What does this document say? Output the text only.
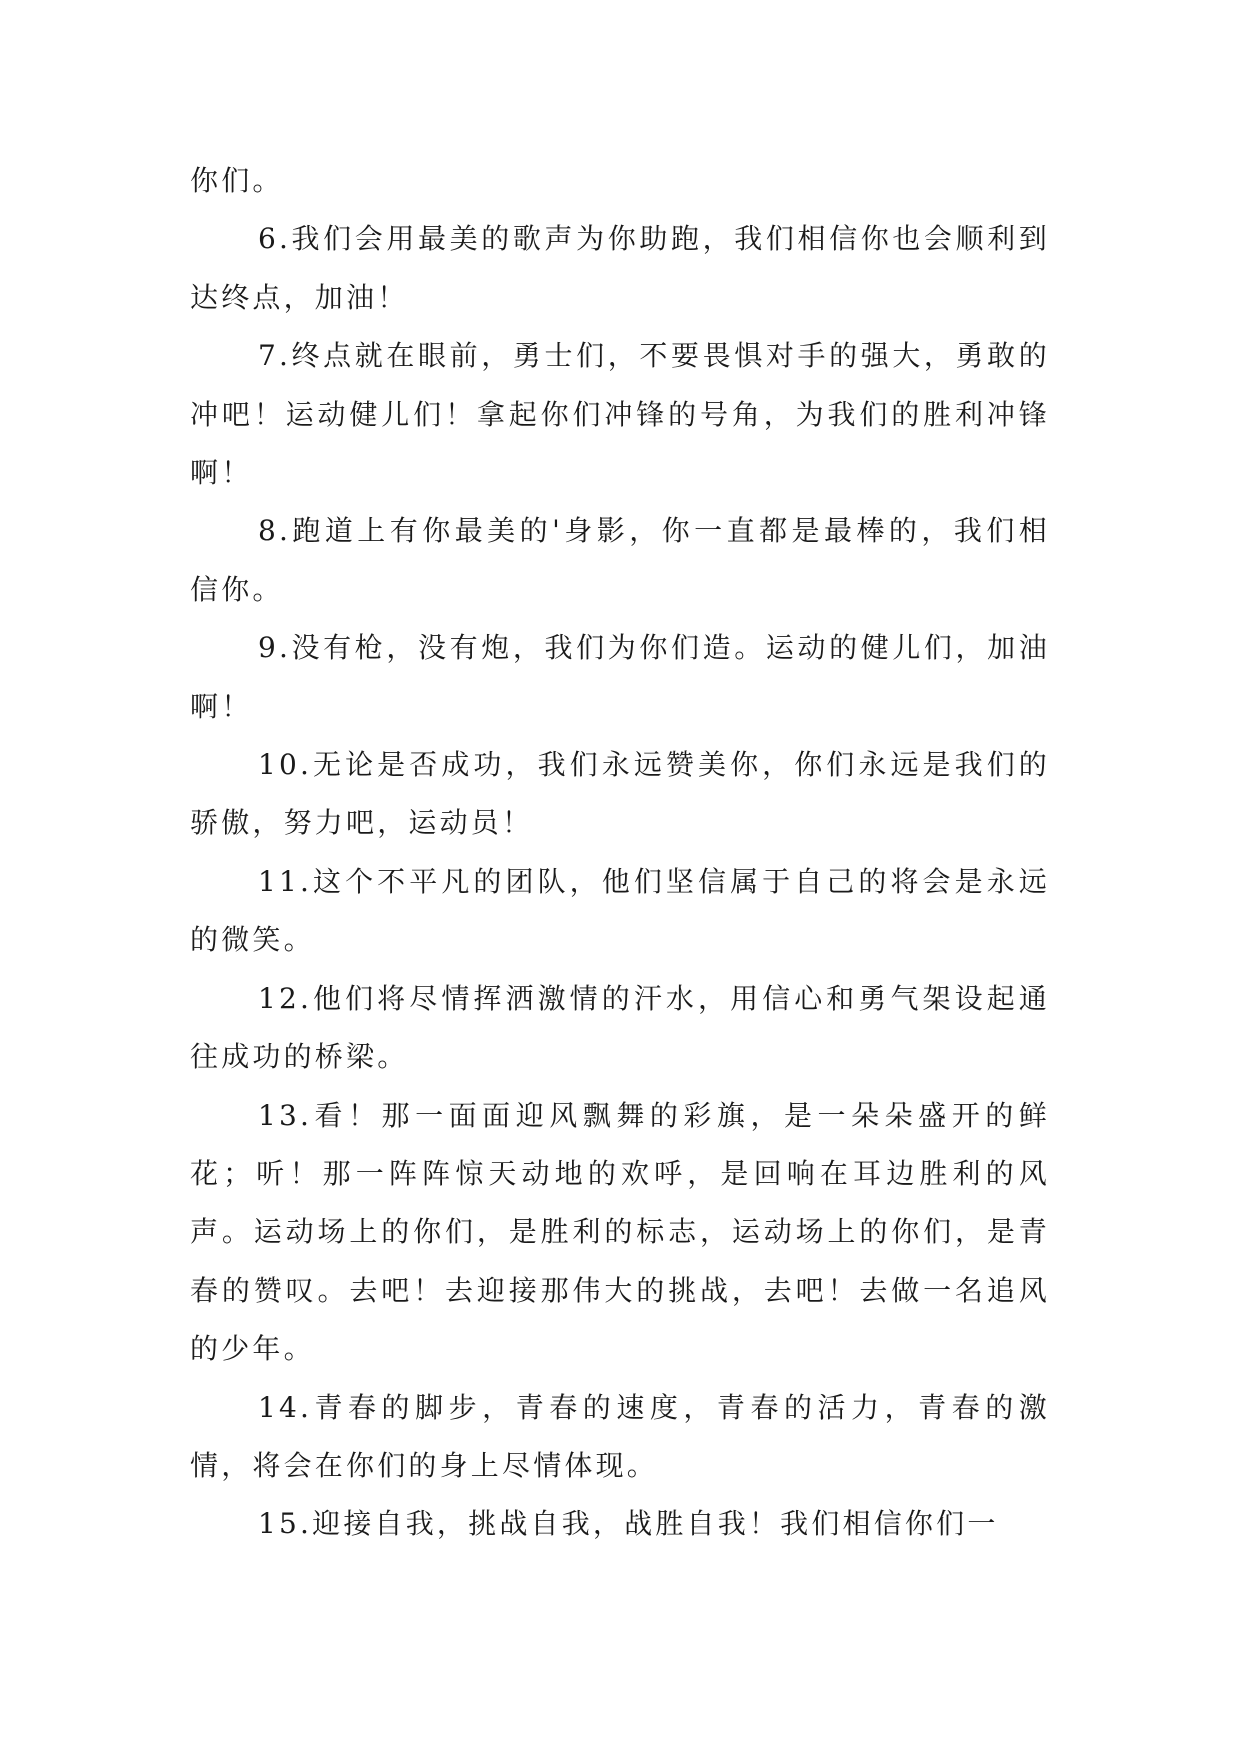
你们。

6.我们会用最美的歌声为你助跑，我们相信你也会顺利到达终点，加油！

7.终点就在眼前，勇士们，不要畏惧对手的强大，勇敢的冲吧！运动健儿们！拿起你们冲锋的号角，为我们的胜利冲锋啊！

8.跑道上有你最美的'身影，你一直都是最棒的，我们相信你。

9.没有枪，没有炮，我们为你们造。运动的健儿们，加油啊！

10.无论是否成功，我们永远赞美你，你们永远是我们的骄傲，努力吧，运动员！

11.这个不平凡的团队，他们坚信属于自己的将会是永远的微笑。

12.他们将尽情挥洒激情的汗水，用信心和勇气架设起通往成功的桥梁。

13.看！那一面面迎风飘舞的彩旗，是一朵朵盛开的鲜花；听！那一阵阵惊天动地的欢呼，是回响在耳边胜利的风声。运动场上的你们，是胜利的标志，运动场上的你们，是青春的赞叹。去吧！去迎接那伟大的挑战，去吧！去做一名追风的少年。

14.青春的脚步，青春的速度，青春的活力，青春的激情，将会在你们的身上尽情体现。

15.迎接自我，挑战自我，战胜自我！我们相信你们一
